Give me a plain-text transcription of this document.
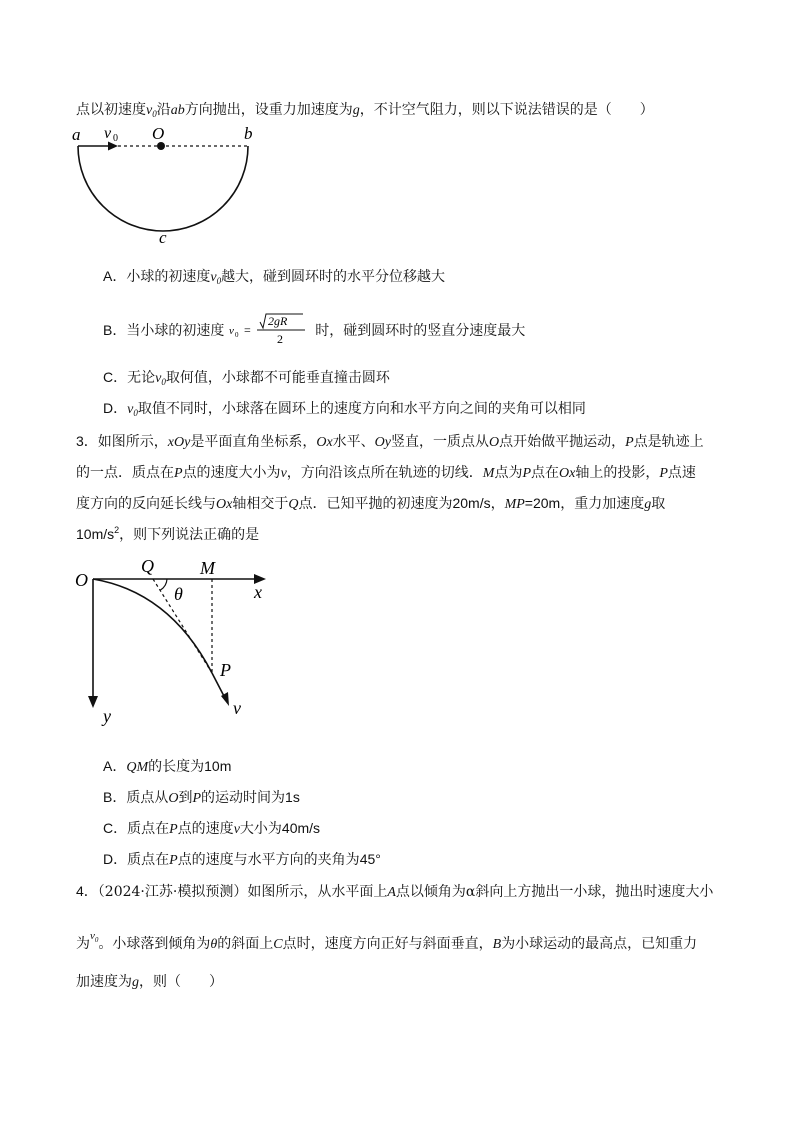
点以初速度$v_0$沿ab方向抛出，设重力加速度为g，不计空气阻力，则以下说法错误的是（　　）
a v 0 O	b
c
A．小球的初速度$v_0$越大，碰到圆环时的水平分位移越大
B．当小球的初速度 v 0 =
2gR
2 时，碰到圆环时的竖直分速度最大
C．无论$v_0$取何值，小球都不可能垂直撞击圆环
D．$v_0$取值不同时，小球落在圆环上的速度方向和水平方向之间的夹角可以相同
3．如图所示，xOy是平面直角坐标系，Ox水平、Oy竖直，一质点从O点开始做平抛运动，P点是轨迹上
的一点．质点在P点的速度大小为v，方向沿该点所在轨迹的切线．M点为P点在Ox轴上的投影，P点速
度方向的反向延长线与Ox轴相交于Q点．已知平抛的初速度为20m/s，MP=20m，重力加速度g取
$10m/s^2$，则下列说法正确的是
O
Q	M
x
θ
P
v
y
A．QM的长度为10m
B．质点从O到P的运动时间为1s
C．质点在P点的速度v大小为40m/s
D．质点在P点的速度与水平方向的夹角为45°
4．（2024·江苏·模拟预测）如图所示，从水平面上A点以倾角为α斜向上方抛出一小球，抛出时速度大小
为$^{v0}$。小球落到倾角为θ的斜面上C点时，速度方向正好与斜面垂直，B为小球运动的最高点，已知重力
加速度为g，则（　　）
